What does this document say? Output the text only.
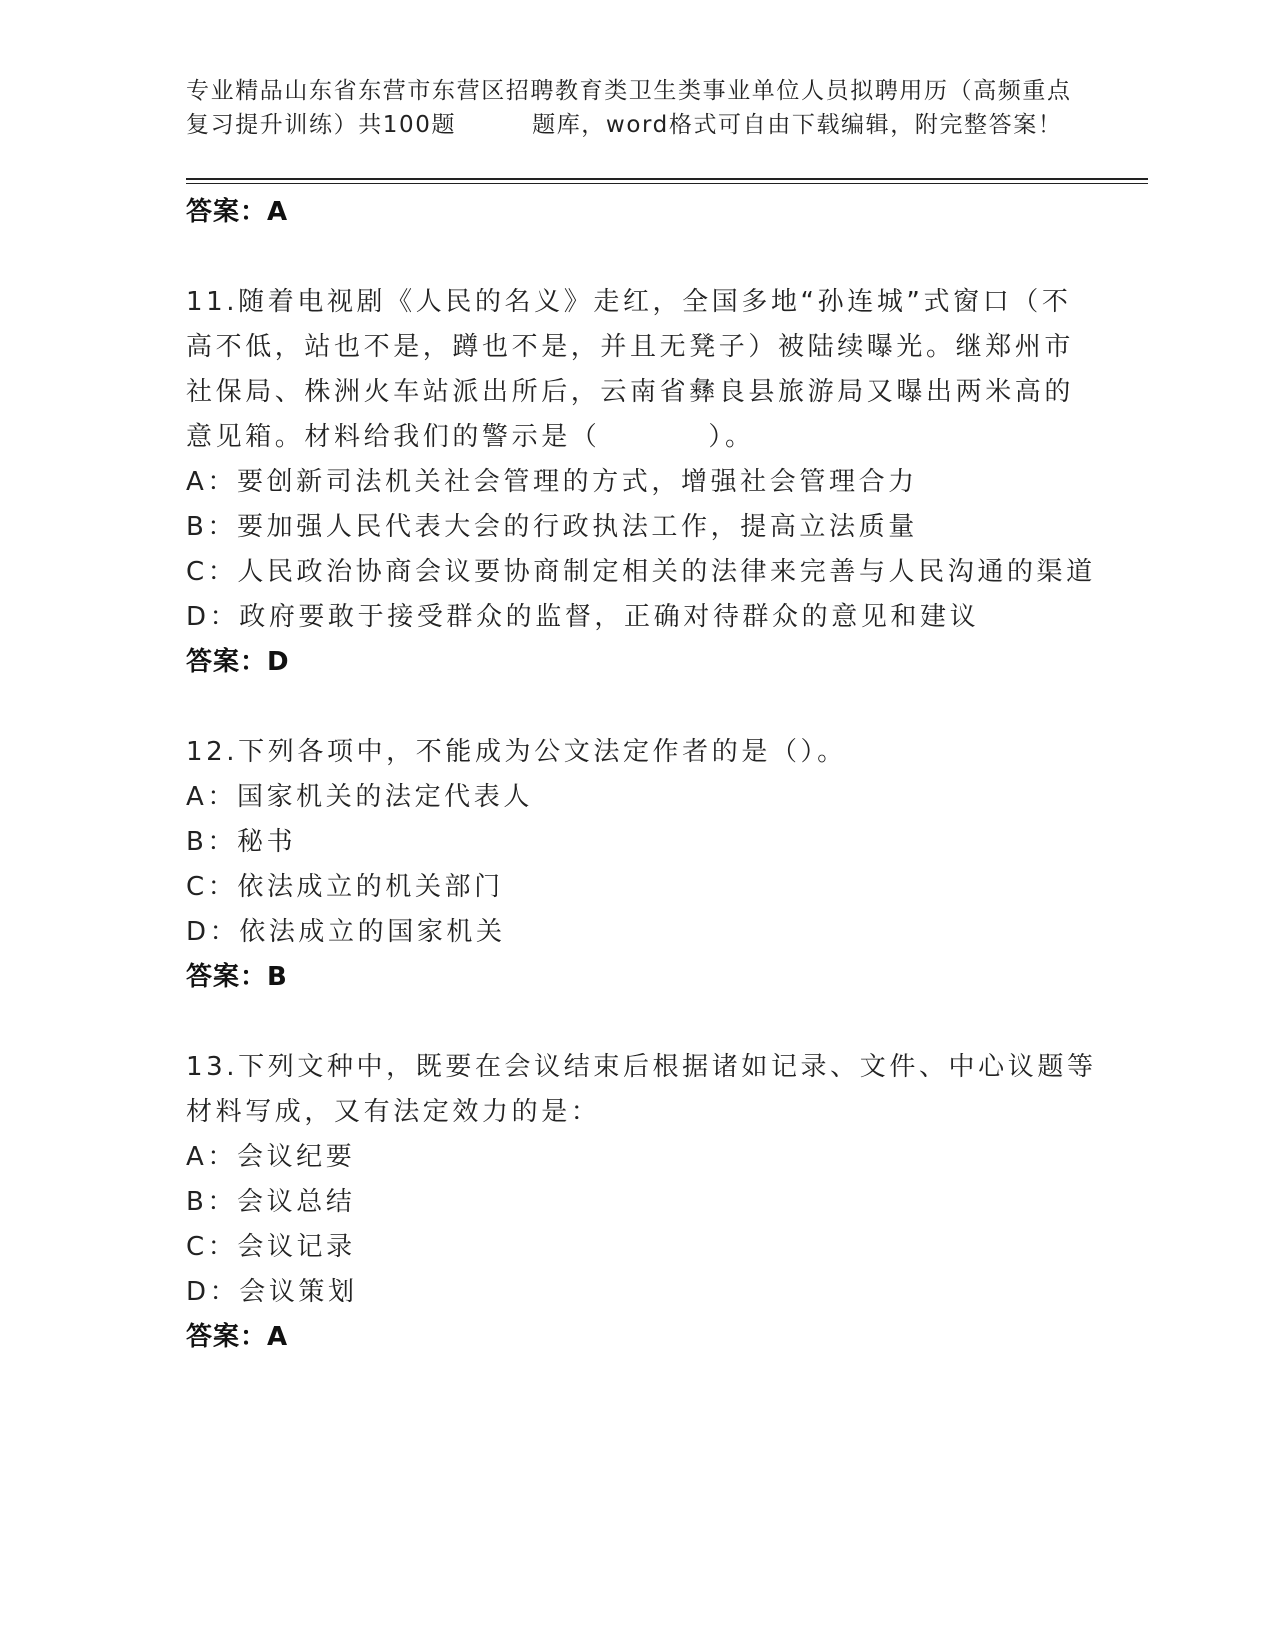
专业精品山东省东营市东营区招聘教育类卫生类事业单位人员拟聘用历（高频重点
复习提升训练）共100题	题库，word格式可自由下载编辑，附完整答案！
答案：A
11.随着电视剧《人民的名义》走红，全国多地“孙连城”式窗口（不
高不低，站也不是，蹲也不是，并且无凳子）被陆续曝光。继郑州市
社保局、株洲火车站派出所后，云南省彝良县旅游局又曝出两米高的
意见箱。材料给我们的警示是（	）。
A：要创新司法机关社会管理的方式，增强社会管理合力
B：要加强人民代表大会的行政执法工作，提高立法质量
C：人民政治协商会议要协商制定相关的法律来完善与人民沟通的渠道
D：政府要敢于接受群众的监督，正确对待群众的意见和建议
答案：D
12.下列各项中，不能成为公文法定作者的是（）。
A：国家机关的法定代表人
B：秘书
C：依法成立的机关部门
D：依法成立的国家机关
答案：B
13.下列文种中，既要在会议结束后根据诸如记录、文件、中心议题等
材料写成，又有法定效力的是：
A：会议纪要
B：会议总结
C：会议记录
D：会议策划
答案：A
